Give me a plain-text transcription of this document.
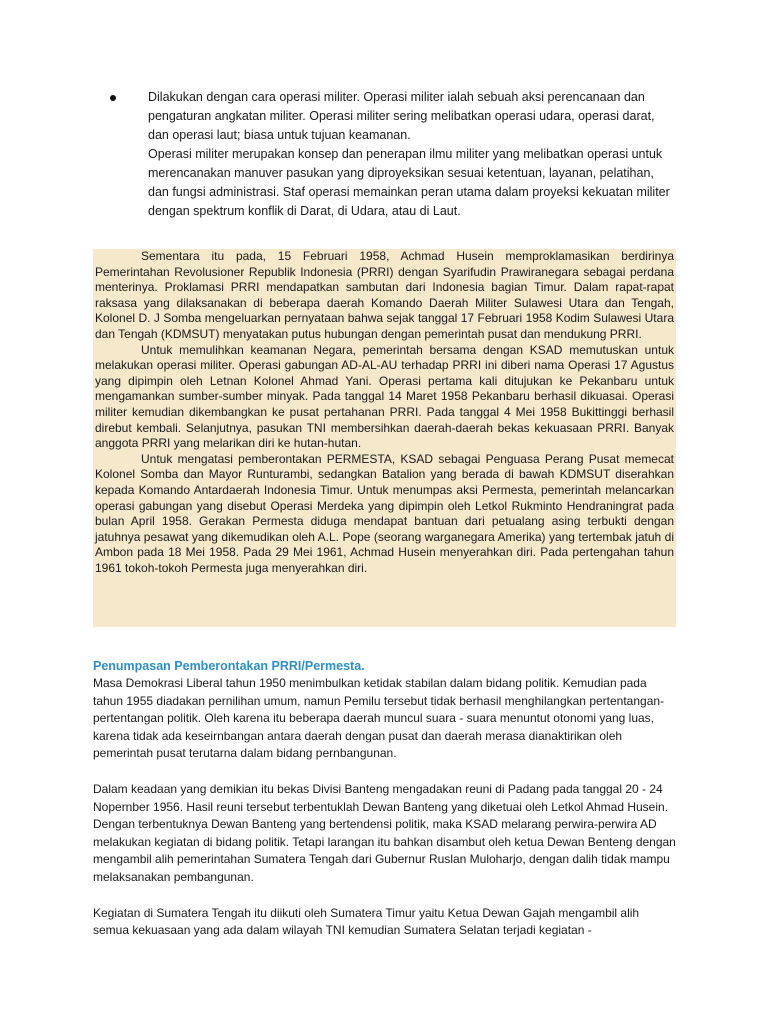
Dilakukan dengan cara operasi militer. Operasi militer ialah sebuah aksi perencanaan dan pengaturan angkatan militer. Operasi militer sering melibatkan operasi udara, operasi darat, dan operasi laut; biasa untuk tujuan keamanan.

Operasi militer merupakan konsep dan penerapan ilmu militer yang melibatkan operasi untuk merencanakan manuver pasukan yang diproyeksikan sesuai ketentuan, layanan, pelatihan, dan fungsi administrasi. Staf operasi memainkan peran utama dalam proyeksi kekuatan militer dengan spektrum konflik di Darat, di Udara, atau di Laut.

Sementara itu pada, 15 Februari 1958, Achmad Husein memproklamasikan berdirinya Pemerintahan Revolusioner Republik Indonesia (PRRI) dengan Syarifudin Prawiranegara sebagai perdana menterinya. Proklamasi PRRI mendapatkan sambutan dari Indonesia bagian Timur. Dalam rapat-rapat raksasa yang dilaksanakan di beberapa daerah Komando Daerah Militer Sulawesi Utara dan Tengah, Kolonel D. J Somba mengeluarkan pernyataan bahwa sejak tanggal 17 Februari 1958 Kodim Sulawesi Utara dan Tengah (KDMSUT) menyatakan putus hubungan dengan pemerintah pusat dan mendukung PRRI.

Untuk memulihkan keamanan Negara, pemerintah bersama dengan KSAD memutuskan untuk melakukan operasi militer. Operasi gabungan AD-AL-AU terhadap PRRI ini diberi nama Operasi 17 Agustus yang dipimpin oleh Letnan Kolonel Ahmad Yani. Operasi pertama kali ditujukan ke Pekanbaru untuk mengamankan sumber-sumber minyak. Pada tanggal 14 Maret 1958 Pekanbaru berhasil dikuasai. Operasi militer kemudian dikembangkan ke pusat pertahanan PRRI. Pada tanggal 4 Mei 1958 Bukittinggi berhasil direbut kembali. Selanjutnya, pasukan TNI membersihkan daerah-daerah bekas kekuasaan PRRI. Banyak anggota PRRI yang melarikan diri ke hutan-hutan.

Untuk mengatasi pemberontakan PERMESTA, KSAD sebagai Penguasa Perang Pusat memecat Kolonel Somba dan Mayor Runturambi, sedangkan Batalion yang berada di bawah KDMSUT diserahkan kepada Komando Antardaerah Indonesia Timur. Untuk menumpas aksi Permesta, pemerintah melancarkan operasi gabungan yang disebut Operasi Merdeka yang dipimpin oleh Letkol Rukminto Hendraningrat pada bulan April 1958. Gerakan Permesta diduga mendapat bantuan dari petualang asing terbukti dengan jatuhnya pesawat yang dikemudikan oleh A.L. Pope (seorang warganegara Amerika) yang tertembak jatuh di Ambon pada 18 Mei 1958. Pada 29 Mei 1961, Achmad Husein menyerahkan diri. Pada pertengahan tahun 1961 tokoh-tokoh Permesta juga menyerahkan diri.

Penumpasan Pemberontakan PRRI/Permesta.

Masa Demokrasi Liberal tahun 1950 menimbulkan ketidak stabilan dalam bidang politik. Kemudian pada tahun 1955 diadakan pernilihan umum, namun Pemilu tersebut tidak berhasil menghilangkan pertentangan-pertentangan politik. Oleh karena itu beberapa daerah muncul suara - suara menuntut otonomi yang luas, karena tidak ada keseirnbangan antara daerah dengan pusat dan daerah merasa dianaktirikan oleh pemerintah pusat terutarna dalam bidang pernbangunan.

Dalam keadaan yang demikian itu bekas Divisi Banteng mengadakan reuni di Padang pada tanggal 20 - 24 Nopernber 1956. Hasil reuni tersebut terbentuklah Dewan Banteng yang diketuai oleh Letkol Ahmad Husein. Dengan terbentuknya Dewan Banteng yang bertendensi politik, maka KSAD melarang perwira-perwira AD melakukan kegiatan di bidang politik. Tetapi larangan itu bahkan disambut oleh ketua Dewan Benteng dengan mengambil alih pemerintahan Sumatera Tengah dari Gubernur Ruslan Muloharjo, dengan dalih tidak mampu melaksanakan pembangunan.

Kegiatan di Sumatera Tengah itu diikuti oleh Sumatera Timur yaitu Ketua Dewan Gajah mengambil alih semua kekuasaan yang ada dalam wilayah TNI kemudian Sumatera Selatan terjadi kegiatan -
